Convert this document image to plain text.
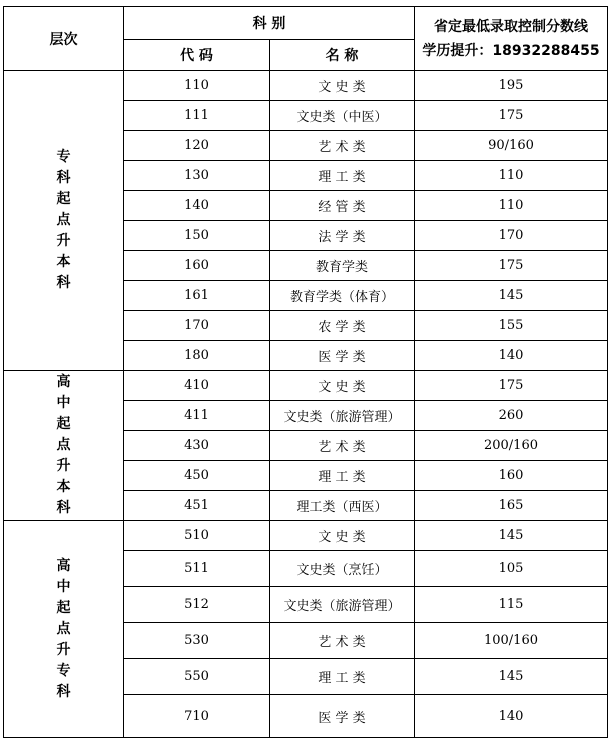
层次	科 别		省定最低录取控制分数线
学历提升：18932288455

	代 码	名 称	
专科起点升本科	110	文 史 类	195
	111	文史类（中医）	175
	120	艺 术 类	90/160
	130	理 工 类	110
	140	经 管 类	110
	150	法 学 类	170
	160	教育学类	175
	161	教育学类（体育）	145
	170	农 学 类	155
	180	医 学 类	140
高中起点升本科	410	文 史 类	175
	411	文史类（旅游管理）	260
	430	艺 术 类	200/160
	450	理 工 类	160
	451	理工类（西医）	165
高中起点升专科	510	文 史 类	145
	511	文史类（烹饪）	105
	512	文史类（旅游管理）	115
	530	艺 术 类	100/160
	550	理 工 类	145
	710	医 学 类	140
